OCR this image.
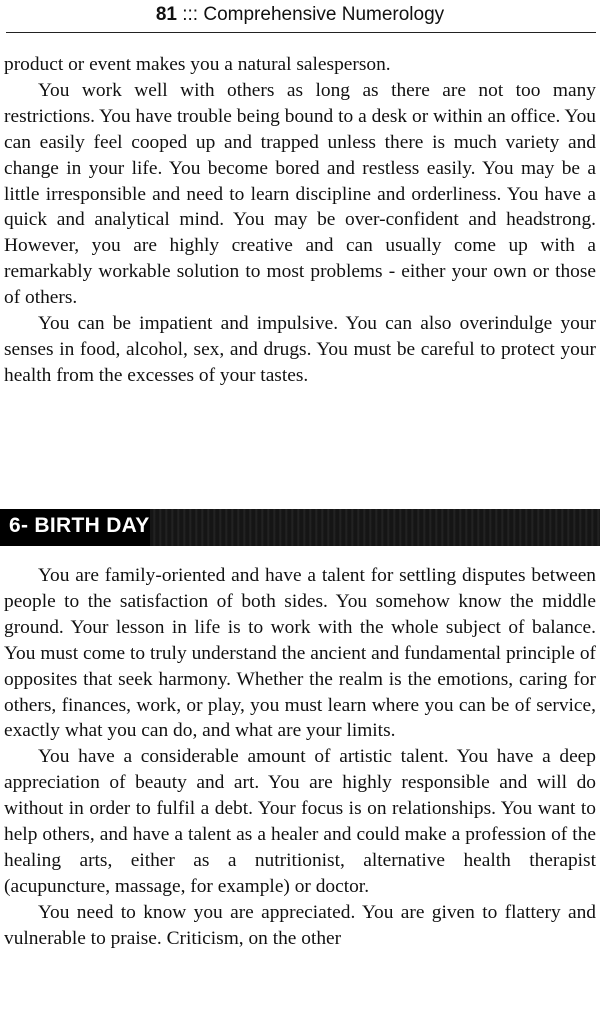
81 ::: Comprehensive Numerology

product or event makes you a natural salesperson.

You work well with others as long as there are not too many restrictions. You have trouble being bound to a desk or within an office. You can easily feel cooped up and trapped unless there is much variety and change in your life. You become bored and restless easily. You may be a little irresponsible and need to learn discipline and orderliness. You have a quick and analytical mind. You may be over-confident and headstrong. However, you are highly creative and can usually come up with a remarkably workable solution to most problems - either your own or those of others.

You can be impatient and impulsive. You can also overindulge your senses in food, alcohol, sex, and drugs. You must be careful to protect your health from the excesses of your tastes.

6- BIRTH DAY

You are family-oriented and have a talent for settling disputes between people to the satisfaction of both sides. You somehow know the middle ground. Your lesson in life is to work with the whole subject of balance. You must come to truly understand the ancient and fundamental principle of opposites that seek harmony. Whether the realm is the emotions, caring for others, finances, work, or play, you must learn where you can be of service, exactly what you can do, and what are your limits.

You have a considerable amount of artistic talent. You have a deep appreciation of beauty and art. You are highly responsible and will do without in order to fulfil a debt. Your focus is on relationships. You want to help others, and have a talent as a healer and could make a profession of the healing arts, either as a nutritionist, alternative health therapist (acupuncture, massage, for example) or doctor.

You need to know you are appreciated. You are given to flattery and vulnerable to praise. Criticism, on the other
